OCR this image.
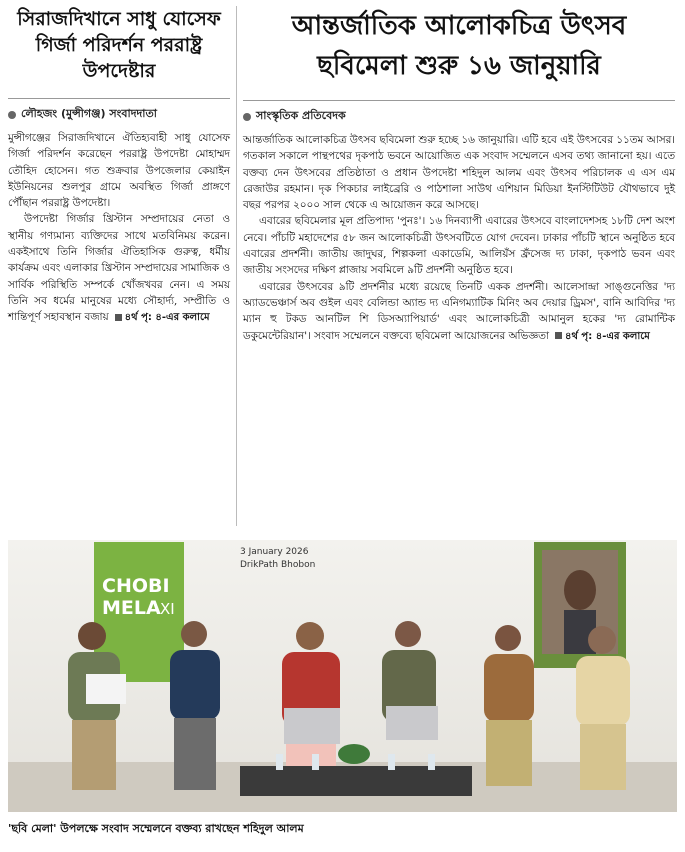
সিরাজদিখানে সাধু যোসেফ গির্জা পরিদর্শন পররাষ্ট্র উপদেষ্টার
লৌহজং (মুন্সীগঞ্জ) সংবাদদাতা

মুন্সীগঞ্জের সিরাজদিখানে ঐতিহ্যবাহী সাধু যোসেফ গির্জা পরিদর্শন করেছেন পররাষ্ট্র উপদেষ্টা মোহাম্মদ তৌহিদ হোসেন। গত শুক্রবার উপজেলার কেয়াইন ইউনিয়নের শুলপুর গ্রামে অবস্থিত গির্জা প্রাঙ্গণে পৌঁছান পররাষ্ট্র উপদেষ্টা।

উপদেষ্টা গির্জার খ্রিস্টান সম্প্রদায়ের নেতা ও স্থানীয় গণ্যমান্য ব্যক্তিদের সাথে মতবিনিময় করেন। একইসাথে তিনি গির্জার ঐতিহাসিক গুরুত্ব, ধর্মীয় কার্যক্রম এবং এলাকার খ্রিস্টান সম্প্রদায়ের সামাজিক ও সার্বিক পরিস্থিতি সম্পর্কে খোঁজখবর নেন। এ সময় তিনি সব ধর্মের মানুষের মধ্যে সৌহার্দ্য, সম্প্রীতি ও শান্তিপূর্ণ সহাবস্থান বজায় ৪র্থ পৃ: ৪-এর কলামে

আন্তর্জাতিক আলোকচিত্র উৎসব ছবিমেলা শুরু ১৬ জানুয়ারি
সাংস্কৃতিক প্রতিবেদক

আন্তর্জাতিক আলোকচিত্র উৎসব ছবিমেলা শুরু হচ্ছে ১৬ জানুয়ারি। এটি হবে এই উৎসবের ১১তম আসর। গতকাল সকালে পান্থপথের দৃকপাঠ ভবনে আয়োজিত এক সংবাদ সম্মেলনে এসব তথ্য জানানো হয়। এতে বক্তব্য দেন উৎসবের প্রতিষ্ঠাতা ও প্রধান উপদেষ্টা শহিদুল আলম এবং উৎসব পরিচালক এ এস এম রেজাউর রহমান। দৃক পিকচার লাইব্রেরি ও পাঠশালা সাউথ এশিয়ান মিডিয়া ইনস্টিটিউট যৌথভাবে দুই বছর পরপর ২০০০ সাল থেকে এ আয়োজন করে আসছে।

এবারের ছবিমেলার মূল প্রতিপাদ্য 'পুনঃ'। ১৬ দিনব্যাপী এবারের উৎসবে বাংলাদেশসহ ১৮টি দেশ অংশ নেবে। পাঁচটি মহাদেশের ৫৮ জন আলোকচিত্রী উৎসবটিতে যোগ দেবেন। ঢাকার পাঁচটি স্থানে অনুষ্ঠিত হবে এবারের প্রদর্শনী। জাতীয় জাদুঘর, শিল্পকলা একাডেমি, আলিয়ঁস ফ্রঁসেজ দ্য ঢাকা, দৃকপাঠ ভবন এবং জাতীয় সংসদের দক্ষিণ প্লাজায় সবমিলে ৯টি প্রদর্শনী অনুষ্ঠিত হবে।

এবারের উৎসবের ৯টি প্রদর্শনীর মধ্যে রয়েছে তিনটি একক প্রদর্শনী। আলেসান্দ্রা সাঙ্গুনেত্তির 'দ্য অ্যাডভেঞ্চার্স অব গুইল এবং বেলিন্ডা অ্যান্ড দ্য এনিগম্যাটিক মিনিং অব দেয়ার ড্রিমস', বানি আবিদির 'দ্য ম্যান হু টকড আনটিল শি ডিসঅ্যাপিয়ার্ড' এবং আলোকচিত্রী আমানুল হকের 'দ্য রোমান্টিক ডকুমেন্টেরিয়ান'। সংবাদ সম্মেলনে বক্তব্যে ছবিমেলা আয়োজনের অভিজ্ঞতা ৪র্থ পৃ: ৪-এর কলামে

CHOBI
MELA XI
3 January 2026
DrikPath Bhobon
'ছবি মেলা' উপলক্ষে সংবাদ সম্মেলনে বক্তব্য রাখছেন শহিদুল আলম
